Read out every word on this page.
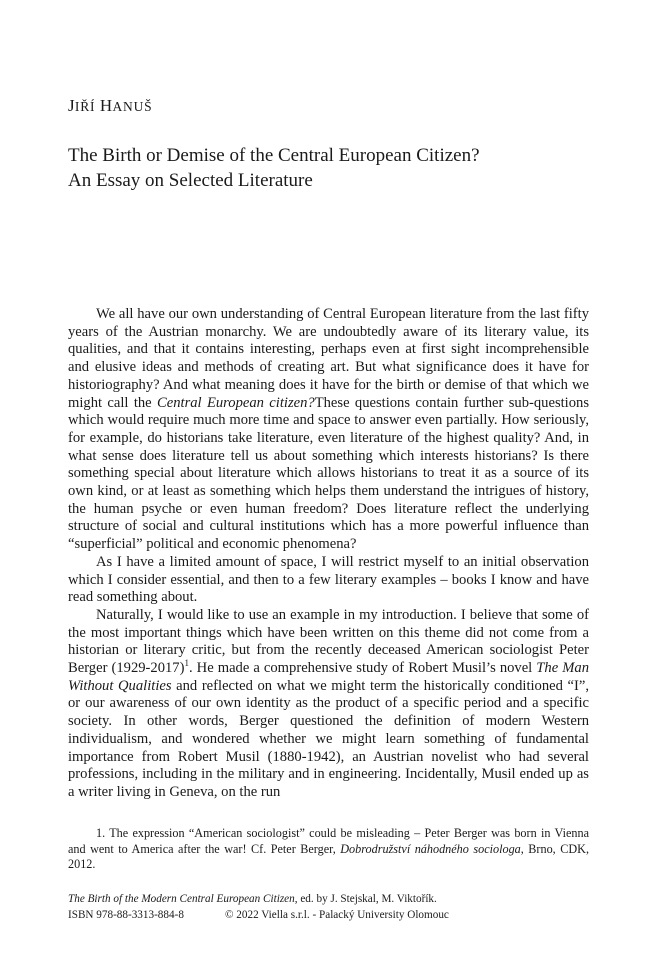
JIŘÍ HANUŠ
The Birth or Demise of the Central European Citizen?
An Essay on Selected Literature

We all have our own understanding of Central European literature from the last fifty years of the Austrian monarchy. We are undoubtedly aware of its literary value, its qualities, and that it contains interesting, perhaps even at first sight incomprehensible and elusive ideas and methods of creating art. But what significance does it have for historiography? And what meaning does it have for the birth or demise of that which we might call the Central European citizen?These questions contain further sub-questions which would require much more time and space to answer even partially. How seriously, for example, do historians take literature, even literature of the highest quality? And, in what sense does literature tell us about something which interests historians? Is there something special about literature which allows historians to treat it as a source of its own kind, or at least as something which helps them understand the intrigues of history, the human psyche or even human freedom? Does literature reflect the underlying structure of social and cultural institutions which has a more powerful influence than “superficial” political and economic phenomena?

As I have a limited amount of space, I will restrict myself to an initial observation which I consider essential, and then to a few literary examples – books I know and have read something about.

Naturally, I would like to use an example in my introduction. I believe that some of the most important things which have been written on this theme did not come from a historian or literary critic, but from the recently deceased American sociologist Peter Berger (1929-2017)$^1$. He made a comprehensive study of Robert Musil’s novel The Man Without Qualities and reflected on what we might term the historically conditioned “I”, or our awareness of our own identity as the product of a specific period and a specific society. In other words, Berger questioned the definition of modern Western individualism, and wondered whether we might learn something of fundamental importance from Robert Musil (1880-1942), an Austrian novelist who had several professions, including in the military and in engineering. Incidentally, Musil ended up as a writer living in Geneva, on the run

1. The expression “American sociologist” could be misleading – Peter Berger was born in Vienna and went to America after the war! Cf. Peter Berger, Dobrodružství náhodného sociologa, Brno, CDK, 2012.

The Birth of the Modern Central European Citizen, ed. by J. Stejskal, M. Viktořík.
ISBN 978-88-3313-884-8	© 2022 Viella s.r.l. - Palacký University Olomouc
